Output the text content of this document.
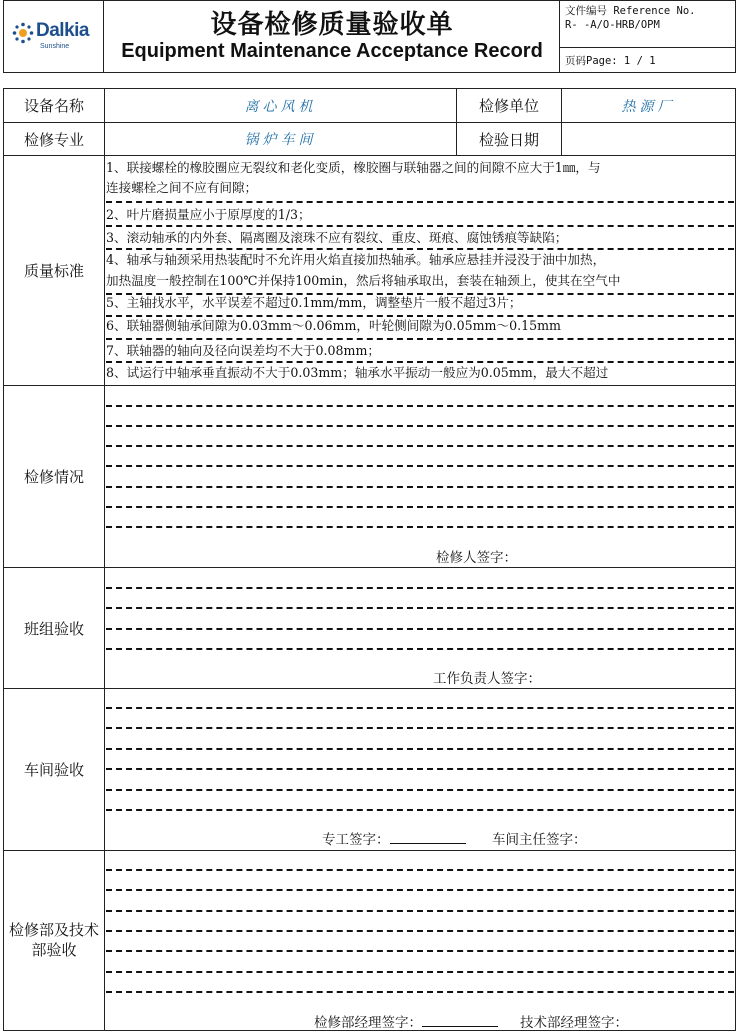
Dalkia
Sunshine
设备检修质量验收单
Equipment Maintenance Acceptance Record
文件编号 Reference No.
R- -A/O-HRB/OPM
页码Page: 1 / 1
设备名称	离心风机	检修单位	热源厂
检修专业	锅炉车间	检验日期
质量标准
1、联接螺栓的橡胶圈应无裂纹和老化变质，橡胶圈与联轴器之间的间隙不应大于1㎜，与
连接螺栓之间不应有间隙；
2、叶片磨损量应小于原厚度的1/3；
3、滚动轴承的内外套、隔离圈及滚珠不应有裂纹、重皮、斑痕、腐蚀锈痕等缺陷；
4、轴承与轴颈采用热装配时不允许用火焰直接加热轴承。轴承应悬挂并浸没于油中加热，
加热温度一般控制在100℃并保持100min，然后将轴承取出，套装在轴颈上，使其在空气中
5、主轴找水平，水平误差不超过0.1mm/mm，调整垫片一般不超过3片；
6、联轴器侧轴承间隙为0.03mm～0.06mm，叶轮侧间隙为0.05mm～0.15mm
7、联轴器的轴向及径向误差均不大于0.08mm；
8、试运行中轴承垂直振动不大于0.03mm；轴承水平振动一般应为0.05mm，最大不超过
检修情况
检修人签字：
班组验收
工作负责人签字：
车间验收
专工签字：	车间主任签字：
检修部及技术部验收
检修部经理签字：	技术部经理签字：
